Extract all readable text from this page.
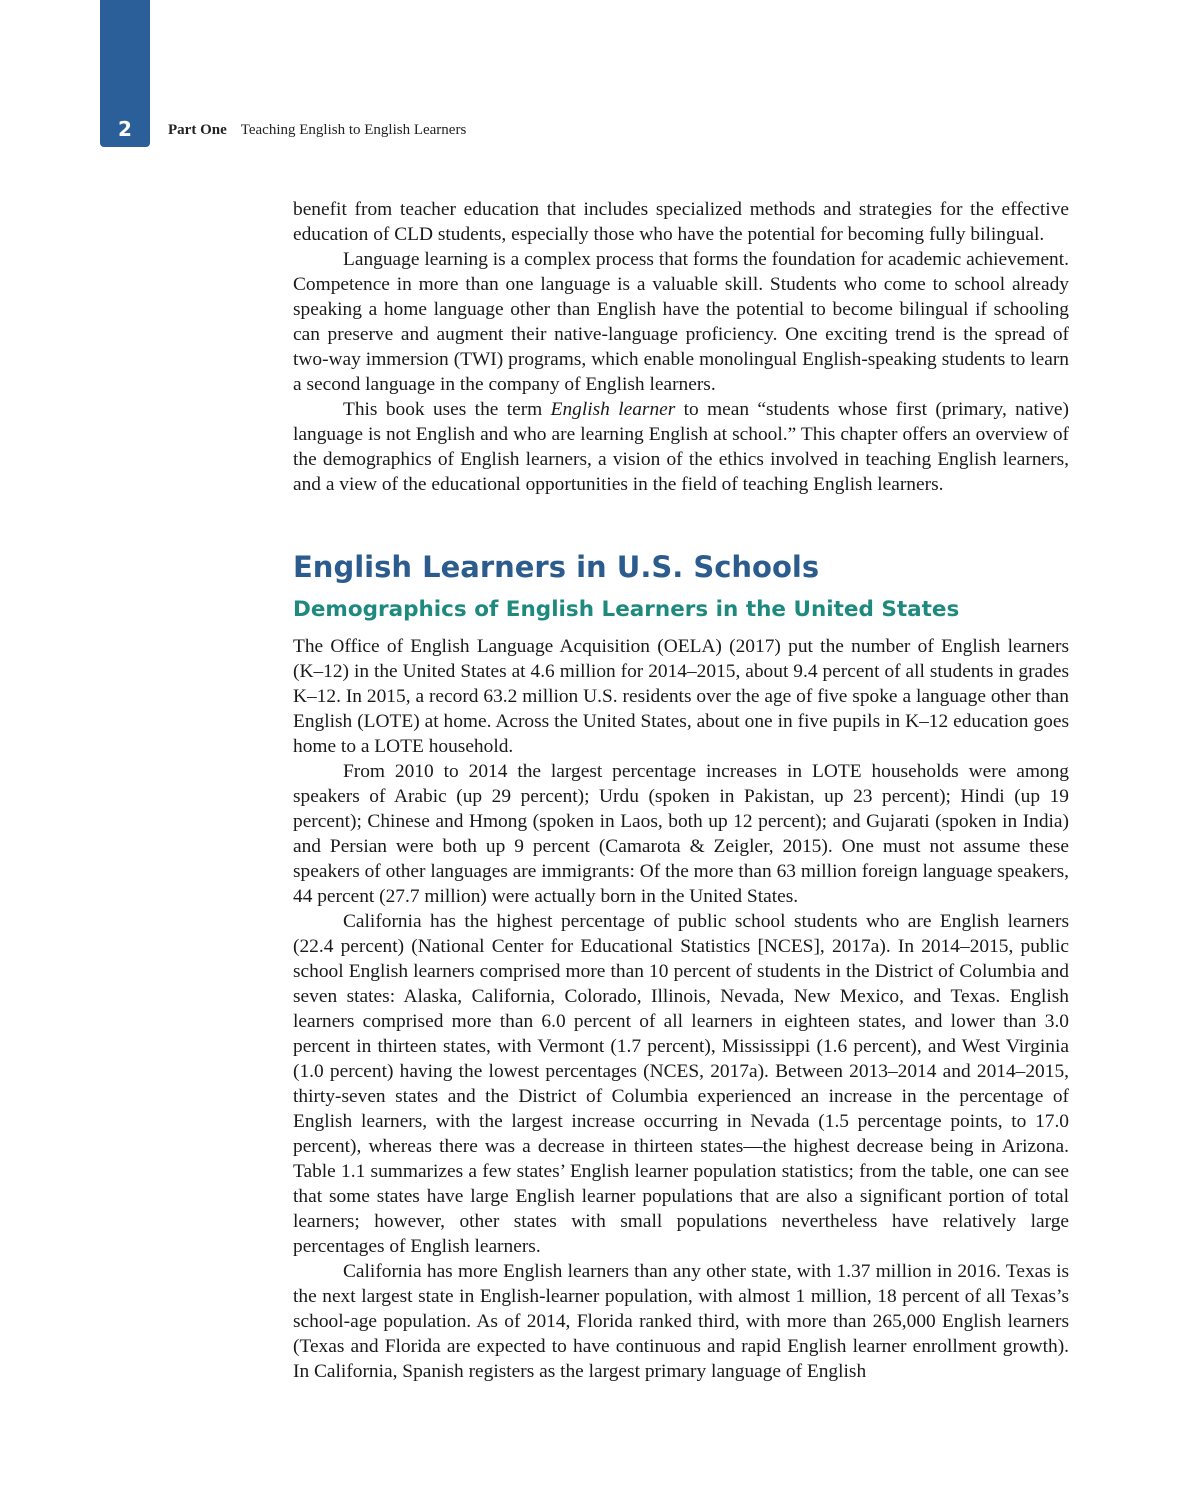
2	Part One Teaching English to English Learners

benefit from teacher education that includes specialized methods and strategies for the effective education of CLD students, especially those who have the potential for becoming fully bilingual.

Language learning is a complex process that forms the foundation for academic achievement. Competence in more than one language is a valuable skill. Students who come to school already speaking a home language other than English have the potential to become bilingual if schooling can preserve and augment their native-language proficiency. One exciting trend is the spread of two-way immersion (TWI) programs, which enable monolingual English-speaking students to learn a second language in the company of English learners.

This book uses the term English learner to mean “students whose first (primary, native) language is not English and who are learning English at school.” This chapter offers an overview of the demographics of English learners, a vision of the ethics involved in teaching English learners, and a view of the educational opportunities in the field of teaching English learners.

English Learners in U.S. Schools
Demographics of English Learners in the United States

The Office of English Language Acquisition (OELA) (2017) put the number of English learners (K–12) in the United States at 4.6 million for 2014–2015, about 9.4 percent of all students in grades K–12. In 2015, a record 63.2 million U.S. residents over the age of five spoke a language other than English (LOTE) at home. Across the United States, about one in five pupils in K–12 education goes home to a LOTE household.

From 2010 to 2014 the largest percentage increases in LOTE households were among speakers of Arabic (up 29 percent); Urdu (spoken in Pakistan, up 23 percent); Hindi (up 19 percent); Chinese and Hmong (spoken in Laos, both up 12 percent); and Gujarati (spoken in India) and Persian were both up 9 percent (Camarota & Zeigler, 2015). One must not assume these speakers of other languages are immigrants: Of the more than 63 million foreign language speakers, 44 percent (27.7 million) were actually born in the United States.

California has the highest percentage of public school students who are English learners (22.4 percent) (National Center for Educational Statistics [NCES], 2017a). In 2014–2015, public school English learners comprised more than 10 percent of students in the District of Columbia and seven states: Alaska, California, Colorado, Illinois, Nevada, New Mexico, and Texas. English learners comprised more than 6.0 percent of all learners in eighteen states, and lower than 3.0 percent in thirteen states, with Vermont (1.7 percent), Mississippi (1.6 percent), and West Virginia (1.0 percent) having the lowest percentages (NCES, 2017a). Between 2013–2014 and 2014–2015, thirty-seven states and the District of Columbia experienced an increase in the percentage of English learners, with the largest increase occurring in Nevada (1.5 percentage points, to 17.0 percent), whereas there was a decrease in thirteen states—the highest decrease being in Arizona. Table 1.1 summarizes a few states’ English learner population statistics; from the table, one can see that some states have large English learner populations that are also a significant portion of total learners; however, other states with small populations nevertheless have relatively large percentages of English learners.

California has more English learners than any other state, with 1.37 million in 2016. Texas is the next largest state in English-learner population, with almost 1 million, 18 percent of all Texas’s school-age population. As of 2014, Florida ranked third, with more than 265,000 English learners (Texas and Florida are expected to have continuous and rapid English learner enrollment growth). In California, Spanish registers as the largest primary language of English
